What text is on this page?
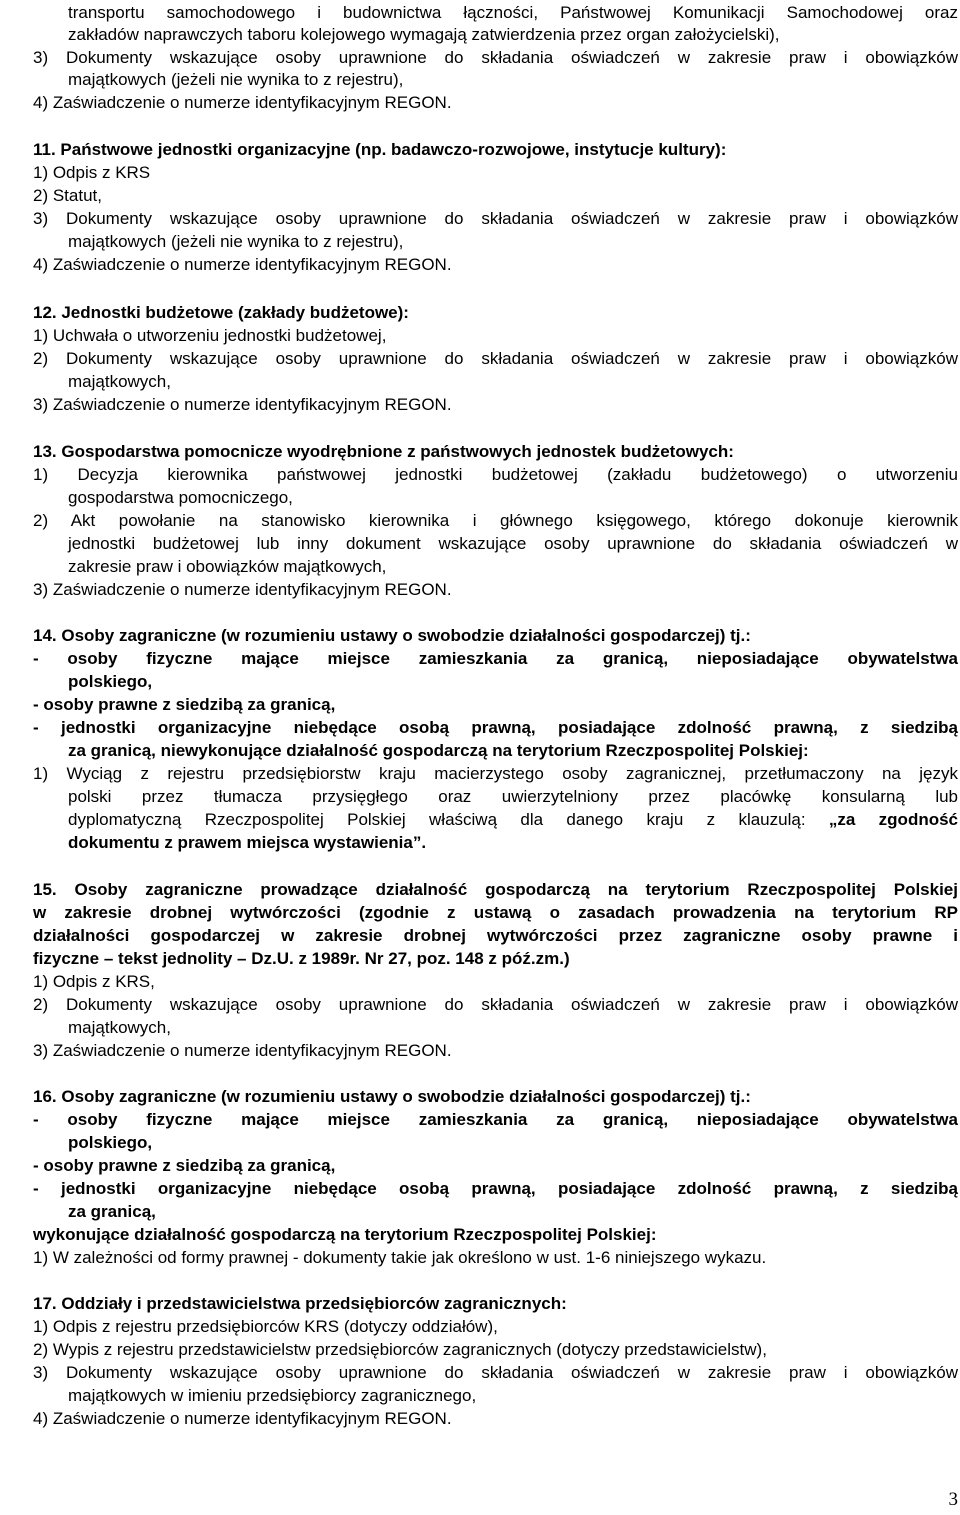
transportu samochodowego i budownictwa łączności, Państwowej Komunikacji Samochodowej oraz
zakładów naprawczych taboru kolejowego wymagają zatwierdzenia przez organ założycielski),
3) Dokumenty wskazujące osoby uprawnione do składania oświadczeń w zakresie praw i obowiązków
majątkowych (jeżeli nie wynika to z rejestru),
4) Zaświadczenie o numerze identyfikacyjnym REGON.
11. Państwowe jednostki organizacyjne (np. badawczo-rozwojowe, instytucje kultury):
1) Odpis z KRS
2) Statut,
3) Dokumenty wskazujące osoby uprawnione do składania oświadczeń w zakresie praw i obowiązków
majątkowych (jeżeli nie wynika to z rejestru),
4) Zaświadczenie o numerze identyfikacyjnym REGON.
12. Jednostki budżetowe (zakłady budżetowe):
1) Uchwała o utworzeniu jednostki budżetowej,
2) Dokumenty wskazujące osoby uprawnione do składania oświadczeń w zakresie praw i obowiązków
majątkowych,
3) Zaświadczenie o numerze identyfikacyjnym REGON.
13. Gospodarstwa pomocnicze wyodrębnione z państwowych jednostek budżetowych:
1) Decyzja kierownika państwowej jednostki budżetowej (zakładu budżetowego) o utworzeniu
gospodarstwa pomocniczego,
2) Akt powołanie na stanowisko kierownika i głównego księgowego, którego dokonuje kierownik
jednostki budżetowej lub inny dokument wskazujące osoby uprawnione do składania oświadczeń w
zakresie praw i obowiązków majątkowych,
3) Zaświadczenie o numerze identyfikacyjnym REGON.
14. Osoby zagraniczne (w rozumieniu ustawy o swobodzie działalności gospodarczej) tj.:
- osoby fizyczne mające miejsce zamieszkania za granicą, nieposiadające obywatelstwa
polskiego,
- osoby prawne z siedzibą za granicą,
- jednostki organizacyjne niebędące osobą prawną, posiadające zdolność prawną, z siedzibą
za granicą, niewykonujące działalność gospodarczą na terytorium Rzeczpospolitej Polskiej:
1) Wyciąg z rejestru przedsiębiorstw kraju macierzystego osoby zagranicznej, przetłumaczony na język
polski przez tłumacza przysięgłego oraz uwierzytelniony przez placówkę konsularną lub
dyplomatyczną Rzeczpospolitej Polskiej właściwą dla danego kraju z klauzulą: „za zgodność
dokumentu z prawem miejsca wystawienia”.
15. Osoby zagraniczne prowadzące działalność gospodarczą na terytorium Rzeczpospolitej Polskiej
w zakresie drobnej wytwórczości (zgodnie z ustawą o zasadach prowadzenia na terytorium RP
działalności gospodarczej w zakresie drobnej wytwórczości przez zagraniczne osoby prawne i
fizyczne – tekst jednolity – Dz.U. z 1989r. Nr 27, poz. 148 z póź.zm.)
1) Odpis z KRS,
2) Dokumenty wskazujące osoby uprawnione do składania oświadczeń w zakresie praw i obowiązków
majątkowych,
3) Zaświadczenie o numerze identyfikacyjnym REGON.
16. Osoby zagraniczne (w rozumieniu ustawy o swobodzie działalności gospodarczej) tj.:
- osoby fizyczne mające miejsce zamieszkania za granicą, nieposiadające obywatelstwa
polskiego,
- osoby prawne z siedzibą za granicą,
- jednostki organizacyjne niebędące osobą prawną, posiadające zdolność prawną, z siedzibą
za granicą,
wykonujące działalność gospodarczą na terytorium Rzeczpospolitej Polskiej:
1) W zależności od formy prawnej - dokumenty takie jak określono w ust. 1-6 niniejszego wykazu.
17. Oddziały i przedstawicielstwa przedsiębiorców zagranicznych:
1) Odpis z rejestru przedsiębiorców KRS (dotyczy oddziałów),
2) Wypis z rejestru przedstawicielstw przedsiębiorców zagranicznych (dotyczy przedstawicielstw),
3) Dokumenty wskazujące osoby uprawnione do składania oświadczeń w zakresie praw i obowiązków
majątkowych w imieniu przedsiębiorcy zagranicznego,
4) Zaświadczenie o numerze identyfikacyjnym REGON.
3
